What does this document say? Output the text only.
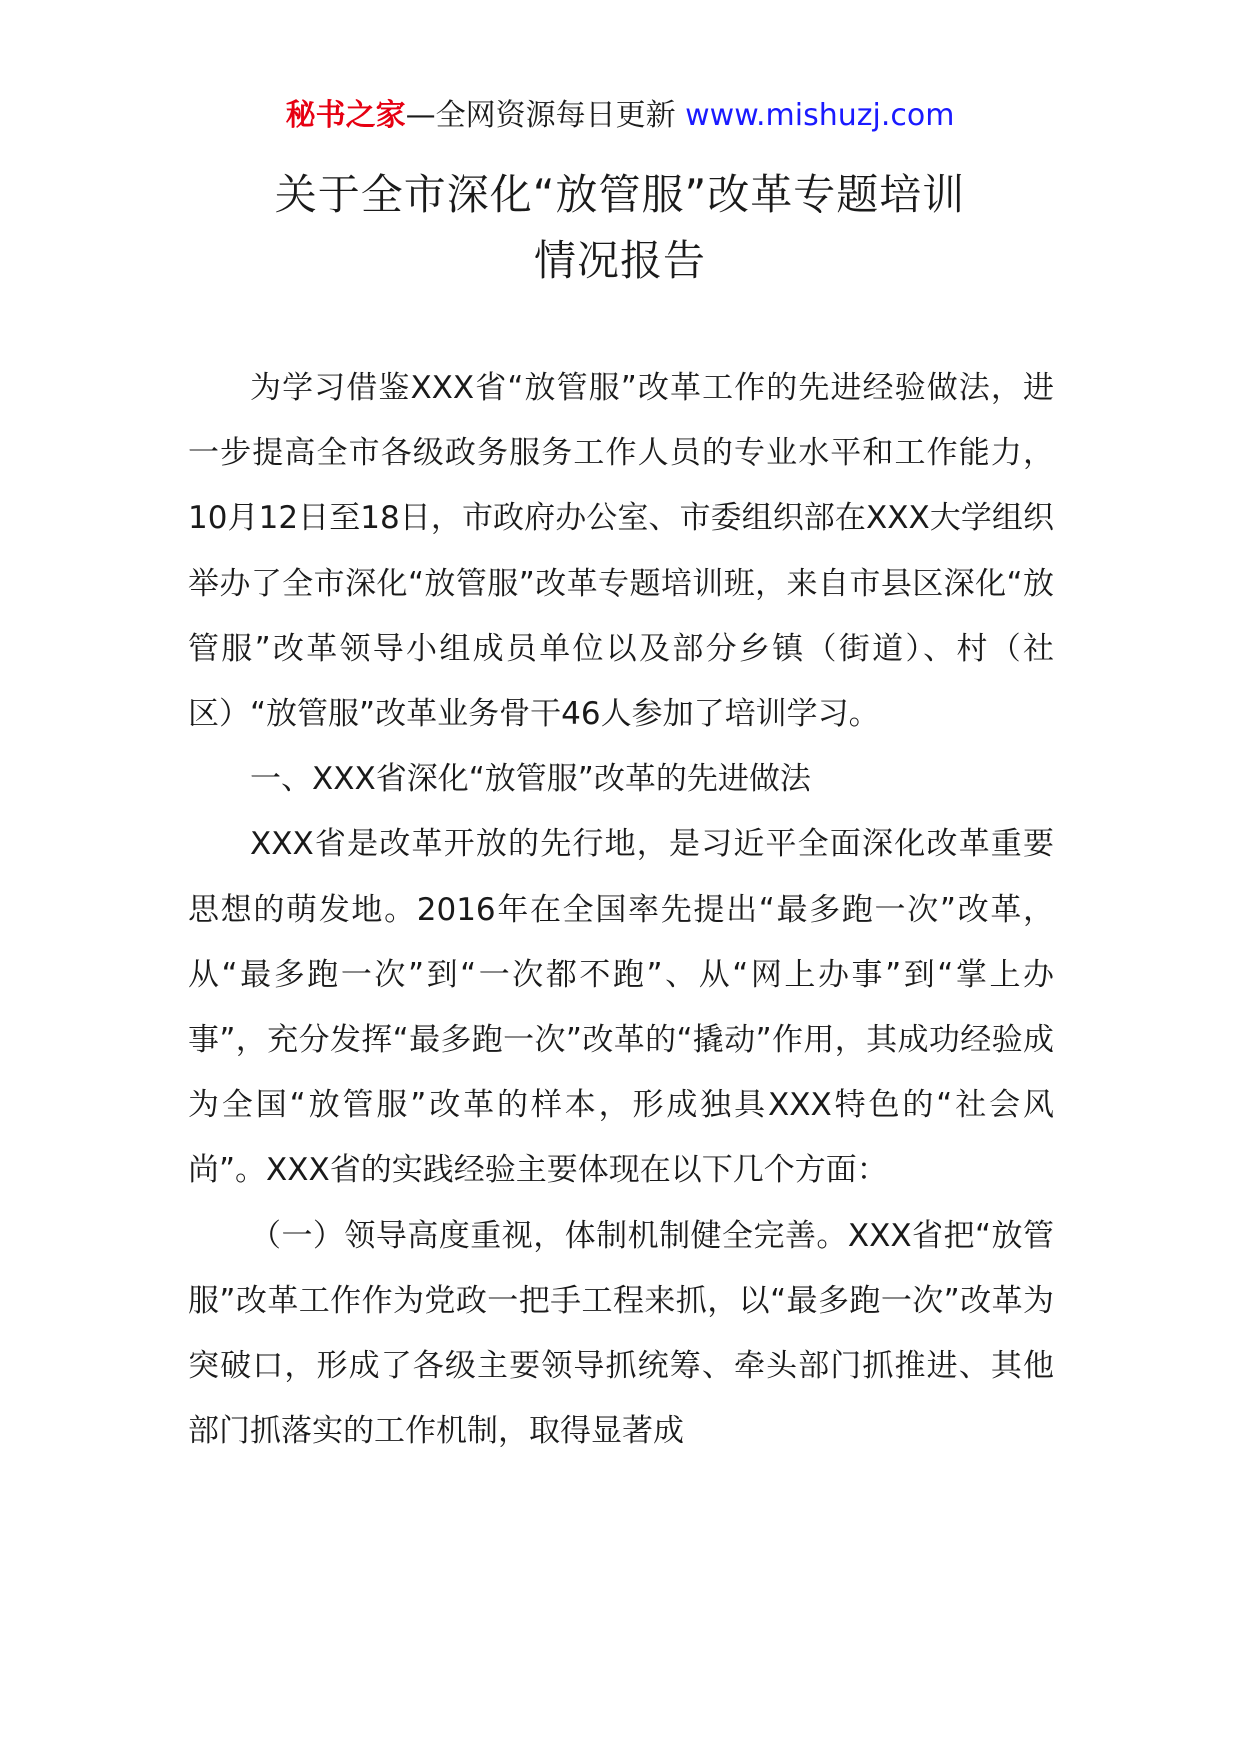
秘书之家—全网资源每日更新 www.mishuzj.com
关于全市深化“放管服”改革专题培训
情况报告

为学习借鉴XXX省“放管服”改革工作的先进经验做法，进一步提高全市各级政务服务工作人员的专业水平和工作能力，10月12日至18日，市政府办公室、市委组织部在XXX大学组织举办了全市深化“放管服”改革专题培训班，来自市县区深化“放管服”改革领导小组成员单位以及部分乡镇（街道）、村（社区）“放管服”改革业务骨干46人参加了培训学习。

一、XXX省深化“放管服”改革的先进做法

XXX省是改革开放的先行地，是习近平全面深化改革重要思想的萌发地。2016年在全国率先提出“最多跑一次”改革，从“最多跑一次”到“一次都不跑”、从“网上办事”到“掌上办事”，充分发挥“最多跑一次”改革的“撬动”作用，其成功经验成为全国“放管服”改革的样本，形成独具XXX特色的“社会风尚”。XXX省的实践经验主要体现在以下几个方面：

（一）领导高度重视，体制机制健全完善。XXX省把“放管服”改革工作作为党政一把手工程来抓，以“最多跑一次”改革为突破口，形成了各级主要领导抓统筹、牵头部门抓推进、其他部门抓落实的工作机制，取得显著成
